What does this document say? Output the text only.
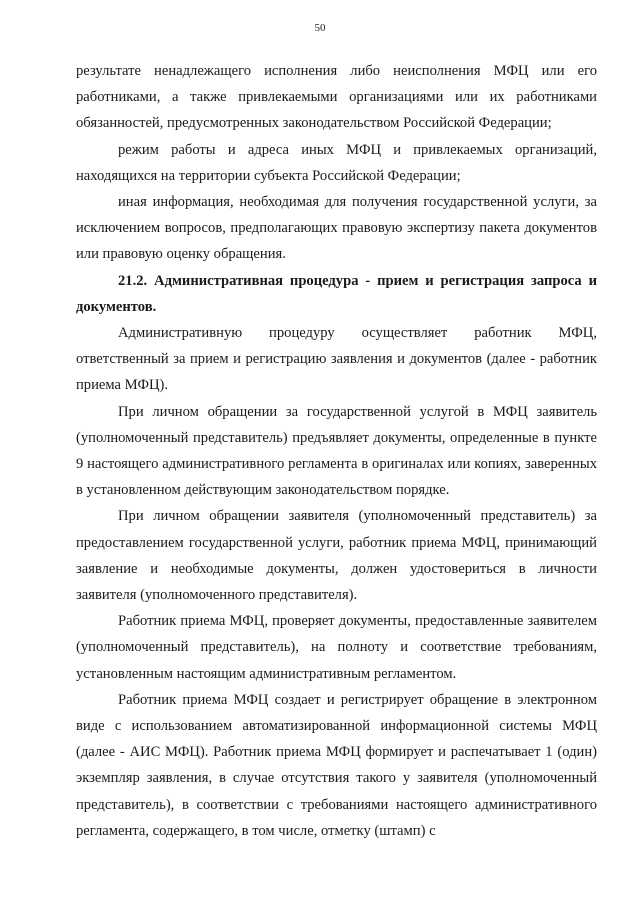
50

результате ненадлежащего исполнения либо неисполнения МФЦ или его работниками, а также привлекаемыми организациями или их работниками обязанностей, предусмотренных законодательством Российской Федерации;

режим работы и адреса иных МФЦ и привлекаемых организаций, находящихся на территории субъекта Российской Федерации;

иная информация, необходимая для получения государственной услуги, за исключением вопросов, предполагающих правовую экспертизу пакета документов или правовую оценку обращения.

21.2. Административная процедура - прием и регистрация запроса и документов.

Административную процедуру осуществляет работник МФЦ, ответственный за прием и регистрацию заявления и документов (далее - работник приема МФЦ).

При личном обращении за государственной услугой в МФЦ заявитель (уполномоченный представитель) предъявляет документы, определенные в пункте 9 настоящего административного регламента в оригиналах или копиях, заверенных в установленном действующим законодательством порядке.

При личном обращении заявителя (уполномоченный представитель) за предоставлением государственной услуги, работник приема МФЦ, принимающий заявление и необходимые документы, должен удостовериться в личности заявителя (уполномоченного представителя).

Работник приема МФЦ, проверяет документы, предоставленные заявителем (уполномоченный представитель), на полноту и соответствие требованиям, установленным настоящим административным регламентом.

Работник приема МФЦ создает и регистрирует обращение в электронном виде с использованием автоматизированной информационной системы МФЦ (далее - АИС МФЦ). Работник приема МФЦ формирует и распечатывает 1 (один) экземпляр заявления, в случае отсутствия такого у заявителя (уполномоченный представитель), в соответствии с требованиями настоящего административного регламента, содержащего, в том числе, отметку (штамп) с
